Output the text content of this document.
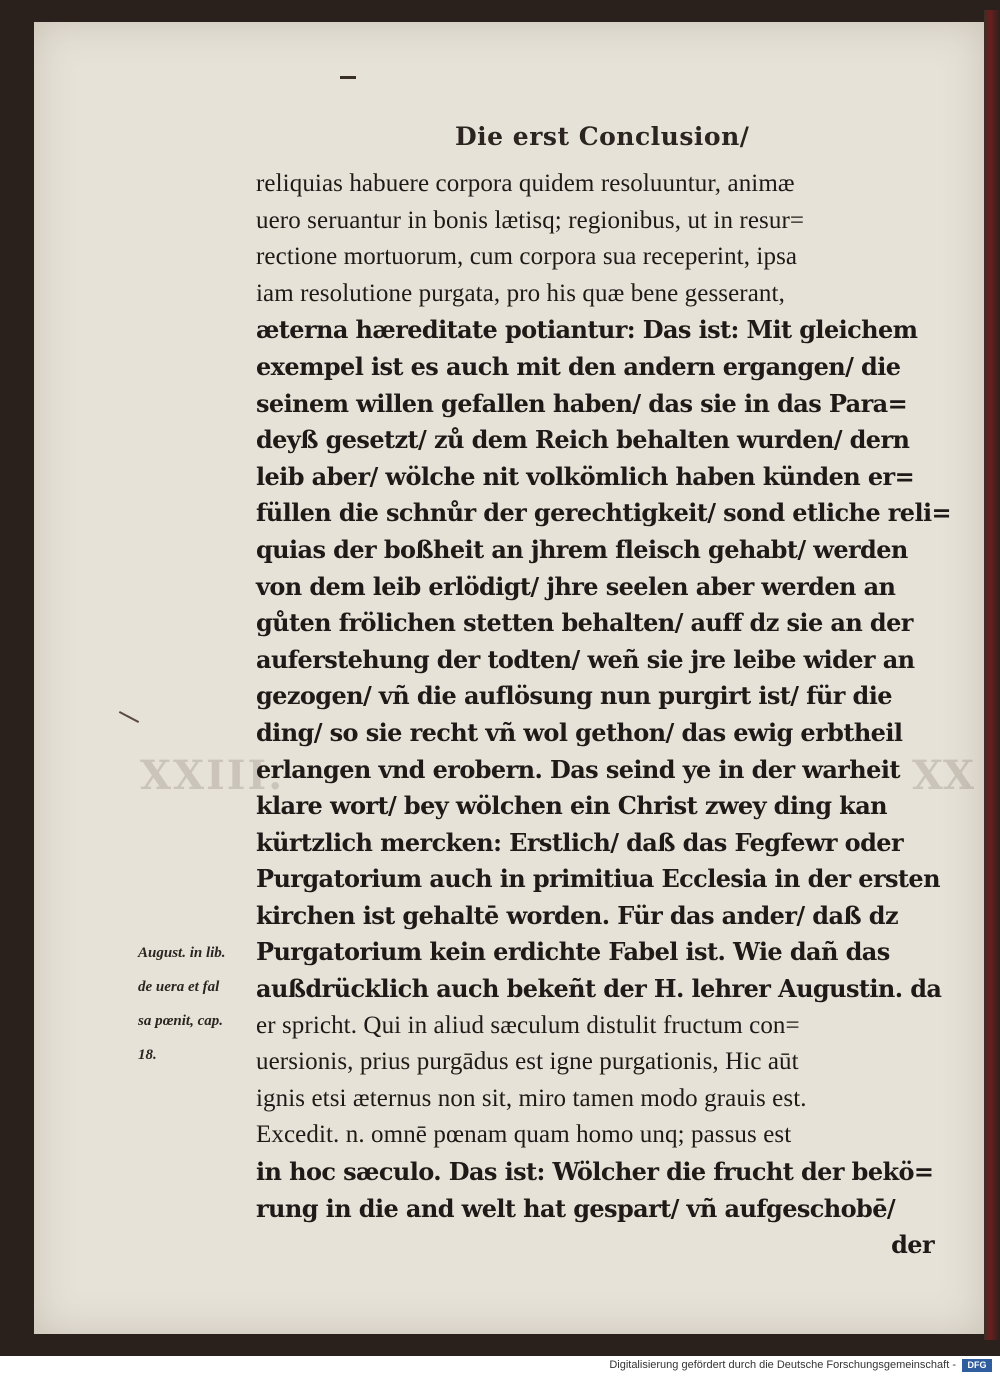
Die erst Conclusion/
XXIII.	XX
reliquias habuere corpora quidem resoluuntur, animæ
uero seruantur in bonis lætisq; regionibus, ut in resur=
rectione mortuorum, cum corpora sua receperint, ipsa
iam resolutione purgata, pro his quæ bene gesserant,
æterna hæreditate potiantur: Das ist: Mit gleichem
exempel ist es auch mit den andern ergangen/ die
seinem willen gefallen haben/ das sie in das Para=
deyß gesetzt/ zů dem Reich behalten wurden/ dern
leib aber/ wölche nit volkömlich haben künden er=
füllen die schnůr der gerechtigkeit/ sond etliche reli=
quias der boßheit an jhrem fleisch gehabt/ werden
von dem leib erlödigt/ jhre seelen aber werden an
gůten frölichen stetten behalten/ auff dz sie an der
auferstehung der todten/ weñ sie jre leibe wider an
gezogen/ vñ die auflösung nun purgirt ist/ für die
ding/ so sie recht vñ wol gethon/ das ewig erbtheil
erlangen vnd erobern. Das seind ye in der warheit
klare wort/ bey wölchen ein Christ zwey ding kan
kürtzlich mercken: Erstlich/ daß das Fegfewr oder
Purgatorium auch in primitiua Ecclesia in der ersten
kirchen ist gehaltē worden. Für das ander/ daß dz
Purgatorium kein erdichte Fabel ist. Wie dañ das
außdrücklich auch bekeñt der H. lehrer Augustin. da
er spricht. Qui in aliud sæculum distulit fructum con=
uersionis, prius purgādus est igne purgationis, Hic aūt
ignis etsi æternus non sit, miro tamen modo grauis est.
Excedit. n. omnē pœnam quam homo unq; passus est
in hoc sæculo. Das ist: Wölcher die frucht der bekö=
rung in die and welt hat gespart/ vñ aufgeschobē/
der
August. in lib.
de uera et fal
sa pœnit, cap.
18.
Digitalisierung gefördert durch die Deutsche Forschungsgemeinschaft -	DFG
